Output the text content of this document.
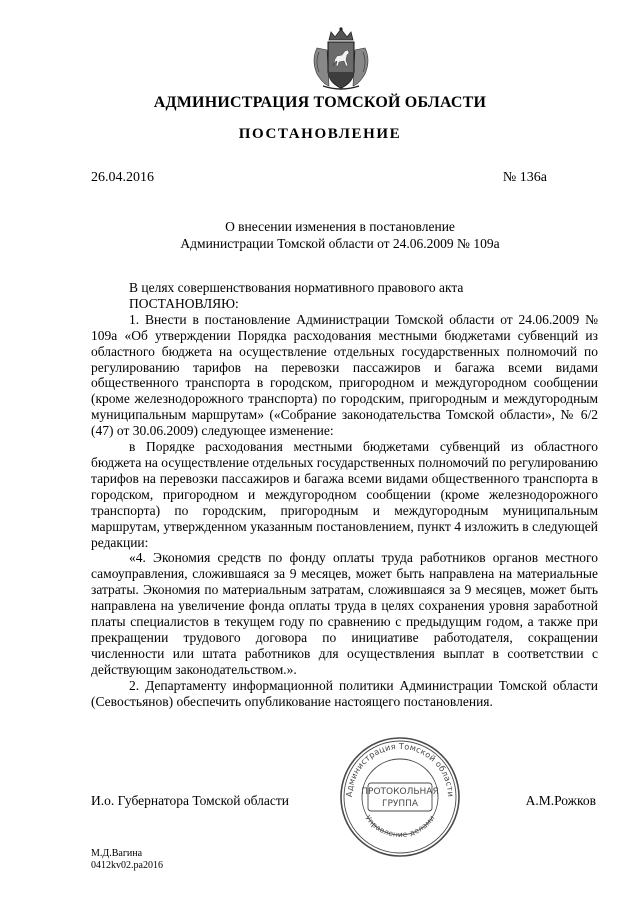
АДМИНИСТРАЦИЯ ТОМСКОЙ ОБЛАСТИ
ПОСТАНОВЛЕНИЕ
26.04.2016	№ 136а
О внесении изменения в постановление
Администрации Томской области от 24.06.2009 № 109а

В целях совершенствования нормативного правового акта

ПОСТАНОВЛЯЮ:

1. Внести в постановление Администрации Томской области от 24.06.2009 № 109а «Об утверждении Порядка расходования местными бюджетами субвенций из областного бюджета на осуществление отдельных государственных полномочий по регулированию тарифов на перевозки пассажиров и багажа всеми видами общественного транспорта в городском, пригородном и междугородном сообщении (кроме железнодорожного транспорта) по городским, пригородным и междугородным муниципальным маршрутам» («Собрание законодательства Томской области», № 6/2 (47) от 30.06.2009) следующее изменение:

в Порядке расходования местными бюджетами субвенций из областного бюджета на осуществление отдельных государственных полномочий по регулированию тарифов на перевозки пассажиров и багажа всеми видами общественного транспорта в городском, пригородном и междугородном сообщении (кроме железнодорожного транспорта) по городским, пригородным и междугородным муниципальным маршрутам, утвержденном указанным постановлением, пункт 4 изложить в следующей редакции:

«4. Экономия средств по фонду оплаты труда работников органов местного самоуправления, сложившаяся за 9 месяцев, может быть направлена на материальные затраты. Экономия по материальным затратам, сложившаяся за 9 месяцев, может быть направлена на увеличение фонда оплаты труда в целях сохранения уровня заработной платы специалистов в текущем году по сравнению с предыдущим годом, а также при прекращении трудового договора по инициативе работодателя, сокращении численности или штата работников для осуществления выплат в соответствии с действующим законодательством.».

2. Департаменту информационной политики Администрации Томской области (Севостьянов) обеспечить опубликование настоящего постановления.

И.о. Губернатора Томской области	А.М.Рожков
Администрация Томской области
Управление делами
ПРОТОКОЛЬНАЯ
ГРУППА
М.Д.Вагина
0412kv02.pa2016
